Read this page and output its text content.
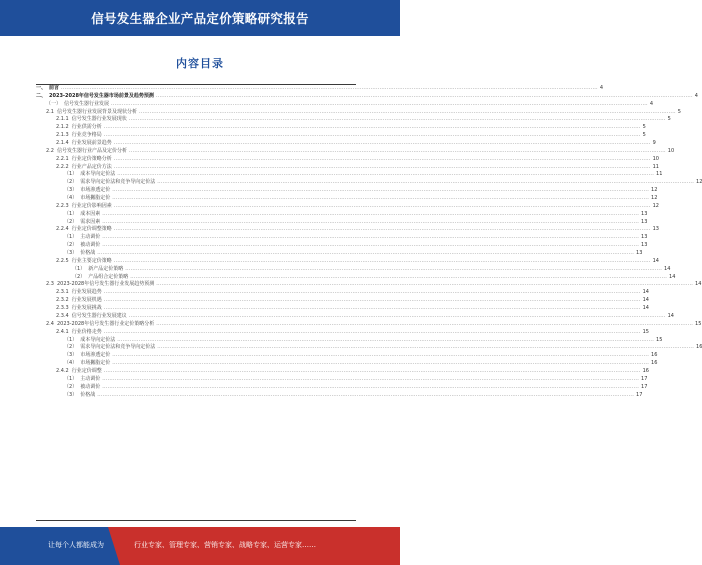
信号发生器企业产品定价策略研究报告
内容目录
一、 前言 ............................................................................................................................................................................................................................................................................................................ 4
二、 2023-2028年信号发生器市场前景及趋势预测 ............................................................................................................................................................................................................................................................................................................ 4
（一） 信号发生器行业发展 ............................................................................................................................................................................................................................................................................................................ 4
2.1 信号发生器行业发展背景及现状分析 ............................................................................................................................................................................................................................................................................................................ 5
2.1.1 信号发生器行业发展现状 ............................................................................................................................................................................................................................................................................................................ 5
2.1.2 行业供需分析 ............................................................................................................................................................................................................................................................................................................ 5
2.1.3 行业竞争格局 ............................................................................................................................................................................................................................................................................................................ 5
2.1.4 行业发展前景趋势 ............................................................................................................................................................................................................................................................................................................ 9
2.2 信号发生器行业产品及定价分析 ............................................................................................................................................................................................................................................................................................................ 10
2.2.1 行业定价策略分析 ............................................................................................................................................................................................................................................................................................................ 10
2.2.2 行业产品定价方法 ............................................................................................................................................................................................................................................................................................................ 11
（1） 成本导向定价法 ............................................................................................................................................................................................................................................................................................................ 11
（2） 需求导向定价法和竞争导向定价法 ............................................................................................................................................................................................................................................................................................................ 12
（3） 市场渗透定价 ............................................................................................................................................................................................................................................................................................................ 12
（4） 市场撇脂定价 ............................................................................................................................................................................................................................................................................................................ 12
2.2.3 行业定价影响因素 ............................................................................................................................................................................................................................................................................................................ 12
（1） 成本因素 ............................................................................................................................................................................................................................................................................................................ 13
（2） 需求因素 ............................................................................................................................................................................................................................................................................................................ 13
2.2.4 行业定价调整策略 ............................................................................................................................................................................................................................................................................................................ 13
（1） 主动调价 ............................................................................................................................................................................................................................................................................................................ 13
（2） 被动调价 ............................................................................................................................................................................................................................................................................................................ 13
（3） 价格战 ............................................................................................................................................................................................................................................................................................................ 13
2.2.5 行业主要定价策略 ............................................................................................................................................................................................................................................................................................................ 14
（1） 新产品定价策略 ............................................................................................................................................................................................................................................................................................................ 14
（2） 产品组合定价策略 ............................................................................................................................................................................................................................................................................................................ 14
2.3 2023-2028年信号发生器行业发展趋势预测 ............................................................................................................................................................................................................................................................................................................ 14
2.3.1 行业发展趋势 ............................................................................................................................................................................................................................................................................................................ 14
2.3.2 行业发展机遇 ............................................................................................................................................................................................................................................................................................................ 14
2.3.3 行业发展挑战 ............................................................................................................................................................................................................................................................................................................ 14
2.3.4 信号发生器行业发展建议 ............................................................................................................................................................................................................................................................................................................ 14
2.4 2023-2028年信号发生器行业定价策略分析 ............................................................................................................................................................................................................................................................................................................ 15
2.4.1 行业价格走势 ............................................................................................................................................................................................................................................................................................................ 15
（1） 成本导向定价法 ............................................................................................................................................................................................................................................................................................................ 15
（2） 需求导向定价法和竞争导向定价法 ............................................................................................................................................................................................................................................................................................................ 16
（3） 市场渗透定价 ............................................................................................................................................................................................................................................................................................................ 16
（4） 市场撇脂定价 ............................................................................................................................................................................................................................................................................................................ 16
2.4.2 行业定价调整 ............................................................................................................................................................................................................................................................................................................ 16
（1） 主动调价 ............................................................................................................................................................................................................................................................................................................ 17
（2） 被动调价 ............................................................................................................................................................................................................................................................................................................ 17
（3） 价格战 ............................................................................................................................................................................................................................................................................................................ 17
让每个人都能成为	行业专家、管理专家、营销专家、战略专家、运营专家……
